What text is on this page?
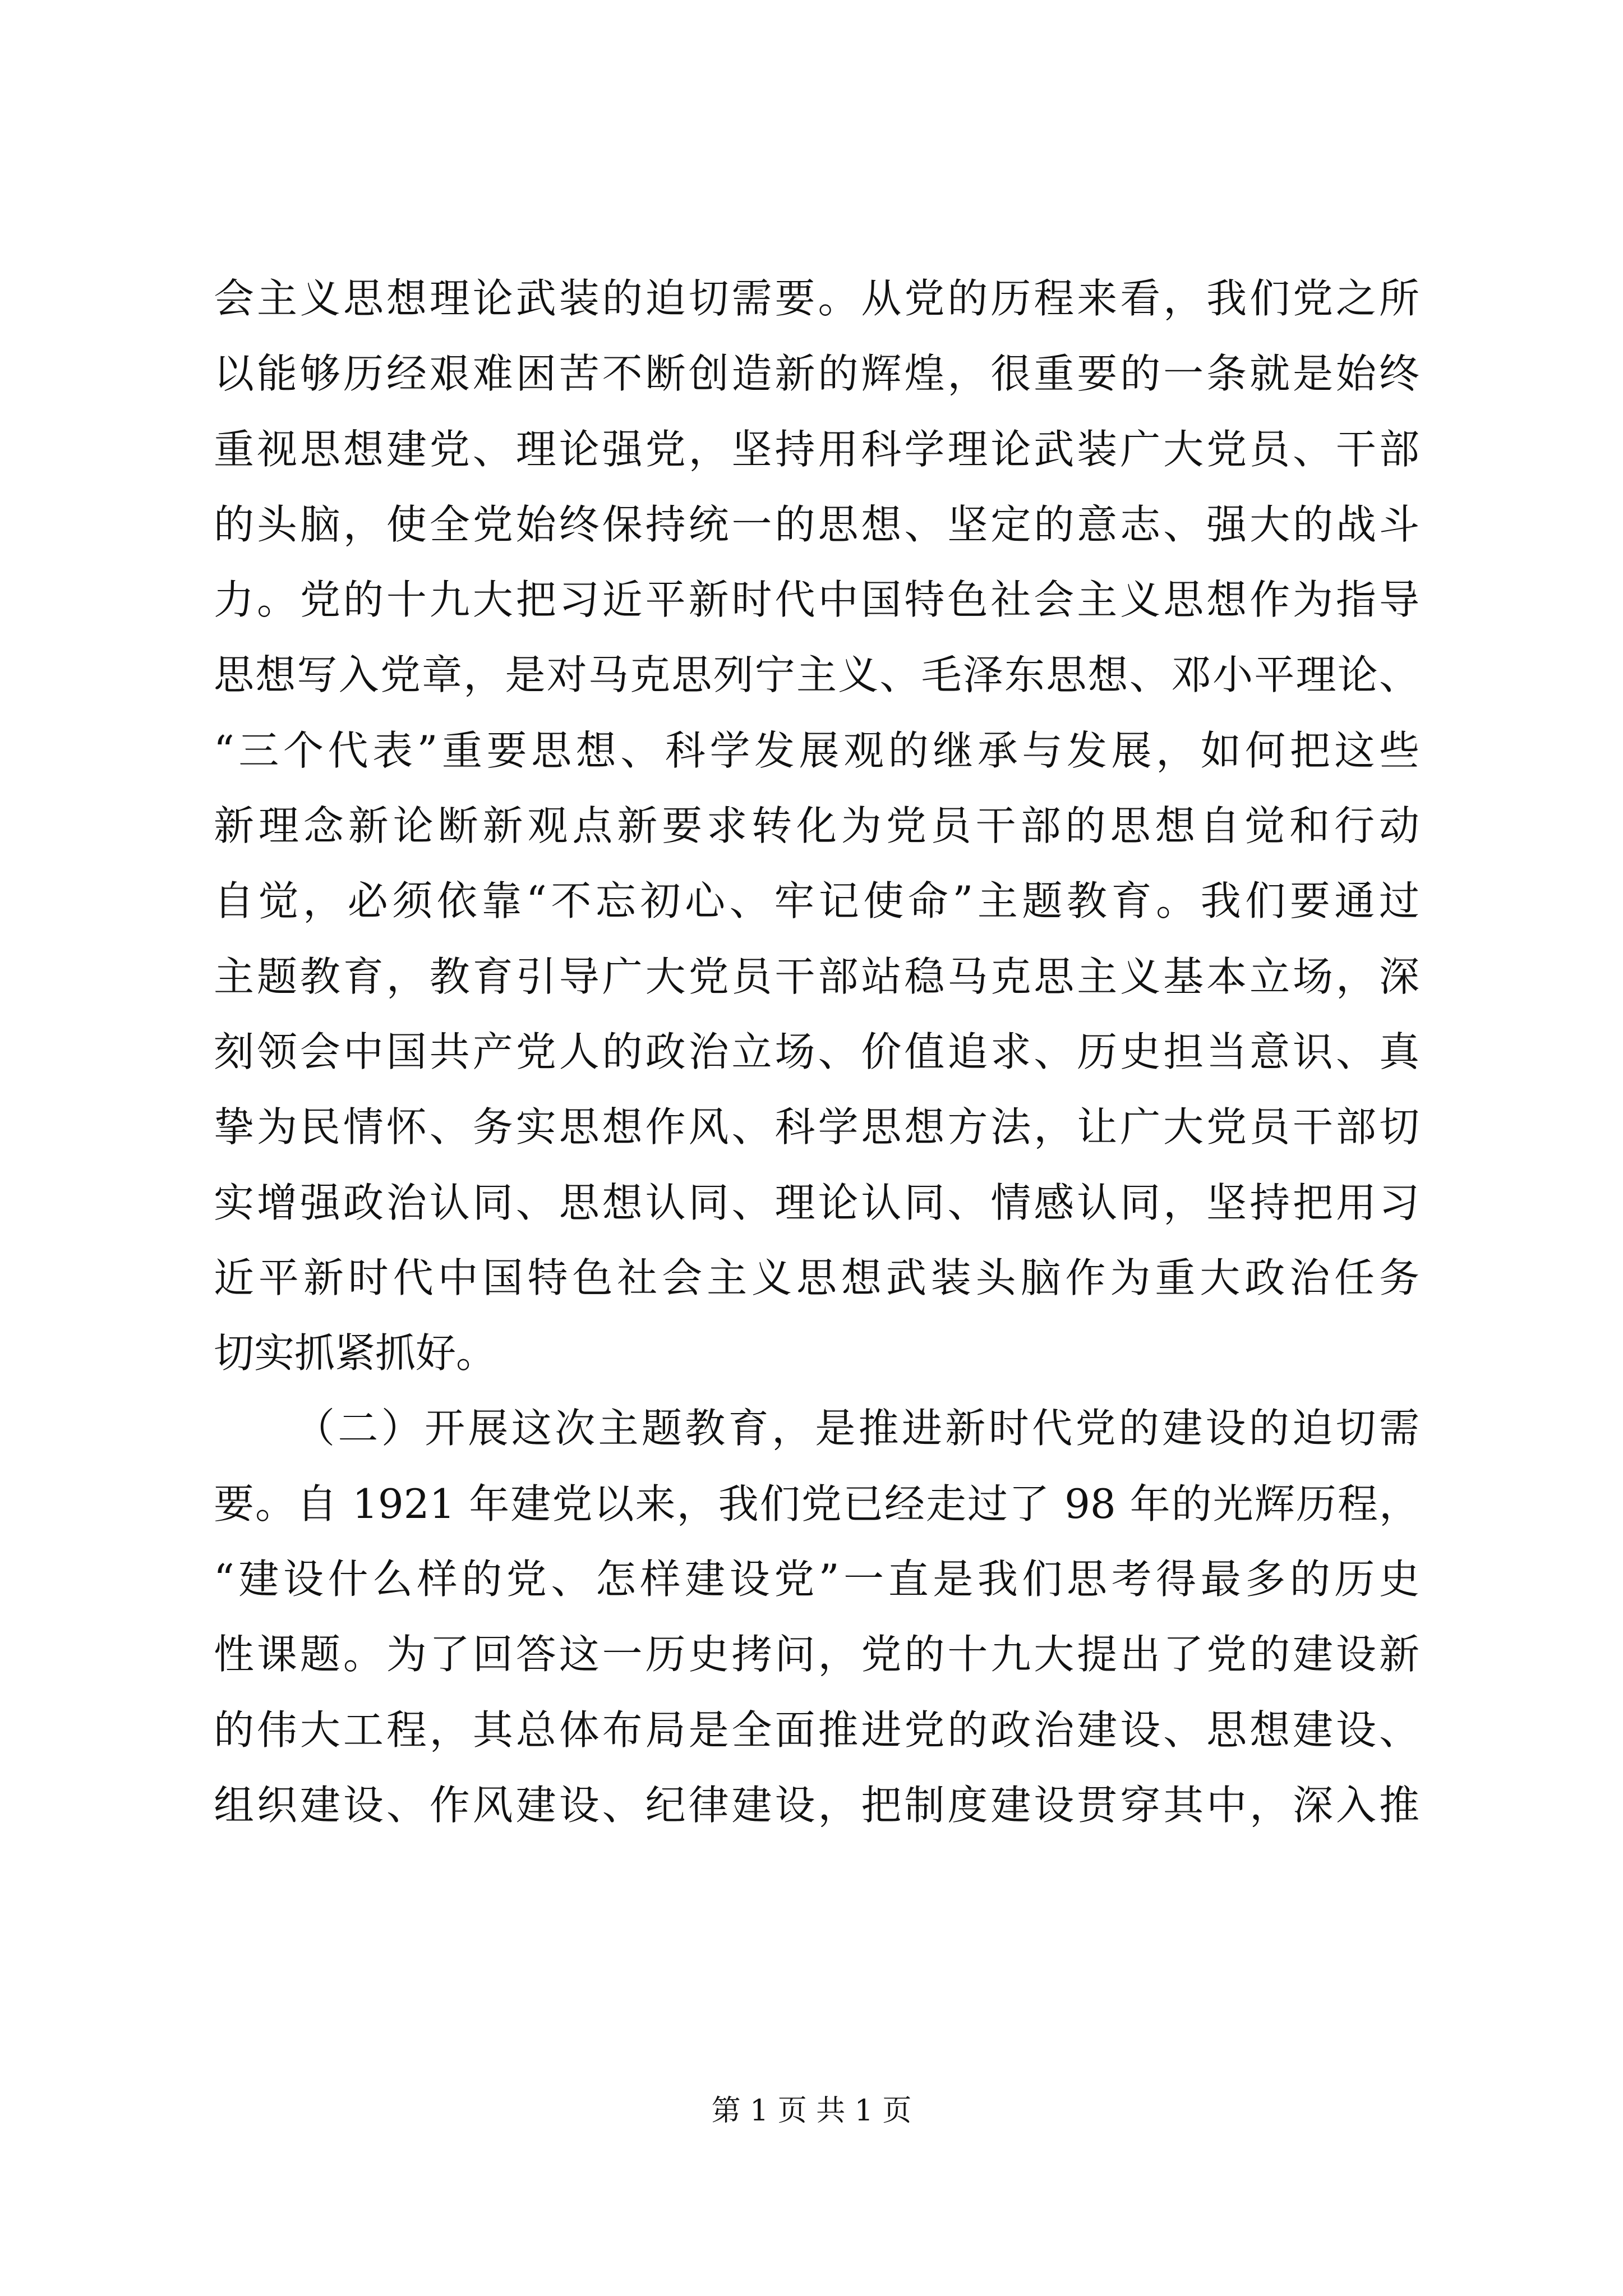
会主义思想理论武装的迫切需要。从党的历程来看，我们党之所
以能够历经艰难困苦不断创造新的辉煌，很重要的一条就是始终
重视思想建党、理论强党，坚持用科学理论武装广大党员、干部
的头脑，使全党始终保持统一的思想、坚定的意志、强大的战斗
力。党的十九大把习近平新时代中国特色社会主义思想作为指导
思想写入党章，是对马克思列宁主义、毛泽东思想、邓小平理论、
“三个代表”重要思想、科学发展观的继承与发展，如何把这些
新理念新论断新观点新要求转化为党员干部的思想自觉和行动
自觉，必须依靠“不忘初心、牢记使命”主题教育。我们要通过
主题教育，教育引导广大党员干部站稳马克思主义基本立场，深
刻领会中国共产党人的政治立场、价值追求、历史担当意识、真
挚为民情怀、务实思想作风、科学思想方法，让广大党员干部切
实增强政治认同、思想认同、理论认同、情感认同，坚持把用习
近平新时代中国特色社会主义思想武装头脑作为重大政治任务
切实抓紧抓好。
（二）开展这次主题教育，是推进新时代党的建设的迫切需
要。自 1921 年建党以来，我们党已经走过了 98 年的光辉历程，
“建设什么样的党、怎样建设党”一直是我们思考得最多的历史
性课题。为了回答这一历史拷问，党的十九大提出了党的建设新
的伟大工程，其总体布局是全面推进党的政治建设、思想建设、
组织建设、作风建设、纪律建设，把制度建设贯穿其中，深入推
第 1 页 共 1 页
